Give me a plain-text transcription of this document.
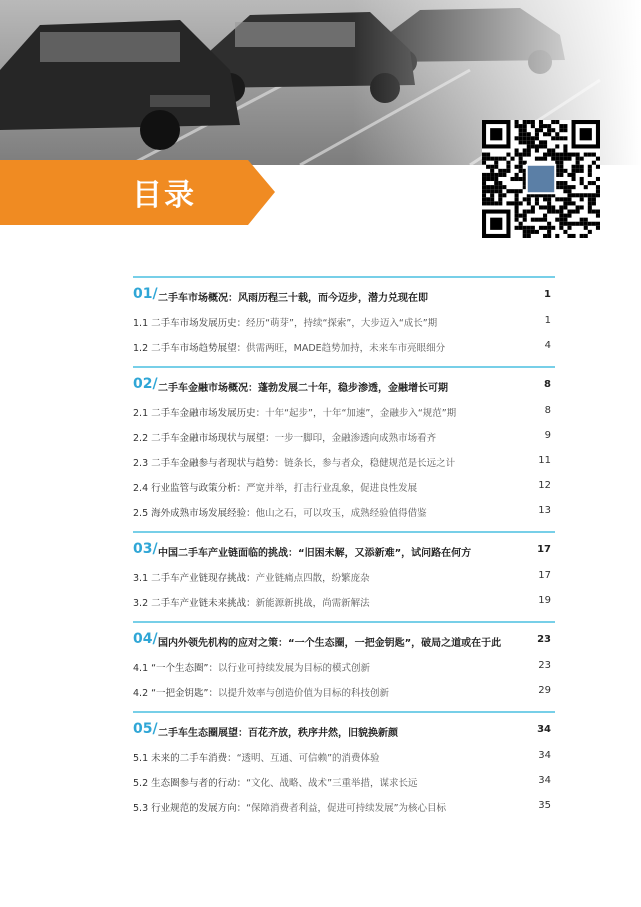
目录
01/ 二手车市场概况：风雨历程三十载，而今迈步，潜力兑现在即	1
1.1 二手车市场发展历史：经历“萌芽”，持续“探索”，大步迈入“成长”期	1
1.2 二手车市场趋势展望：供需两旺，MADE趋势加持，未来车市亮眼细分	4
02/ 二手车金融市场概况：蓬勃发展二十年，稳步渗透，金融增长可期	8
2.1 二手车金融市场发展历史：十年“起步”，十年“加速”，金融步入“规范”期	8
2.2 二手车金融市场现状与展望：一步一脚印，金融渗透向成熟市场看齐	9
2.3 二手车金融参与者现状与趋势：链条长，参与者众，稳健规范是长远之计	11
2.4 行业监管与政策分析：严宽并举，打击行业乱象，促进良性发展	12
2.5 海外成熟市场发展经验：他山之石，可以攻玉，成熟经验值得借鉴	13
03/ 中国二手车产业链面临的挑战：“旧困未解，又添新难”，试问路在何方	17
3.1 二手车产业链现存挑战：产业链痛点四散，纷繁庞杂	17
3.2 二手车产业链未来挑战：新能源新挑战，尚需新解法	19
04/ 国内外领先机构的应对之策：“一个生态圈，一把金钥匙”，破局之道或在于此	23
4.1 “一个生态圈”：以行业可持续发展为目标的模式创新	23
4.2 “一把金钥匙”：以提升效率与创造价值为目标的科技创新	29
05/ 二手车生态圈展望：百花齐放，秩序井然，旧貌换新颜	34
5.1 未来的二手车消费：“透明、互通、可信赖”的消费体验	34
5.2 生态圈参与者的行动：“文化、战略、战术”三重举措，谋求长远	34
5.3 行业规范的发展方向：“保障消费者利益，促进可持续发展”为核心目标	35
